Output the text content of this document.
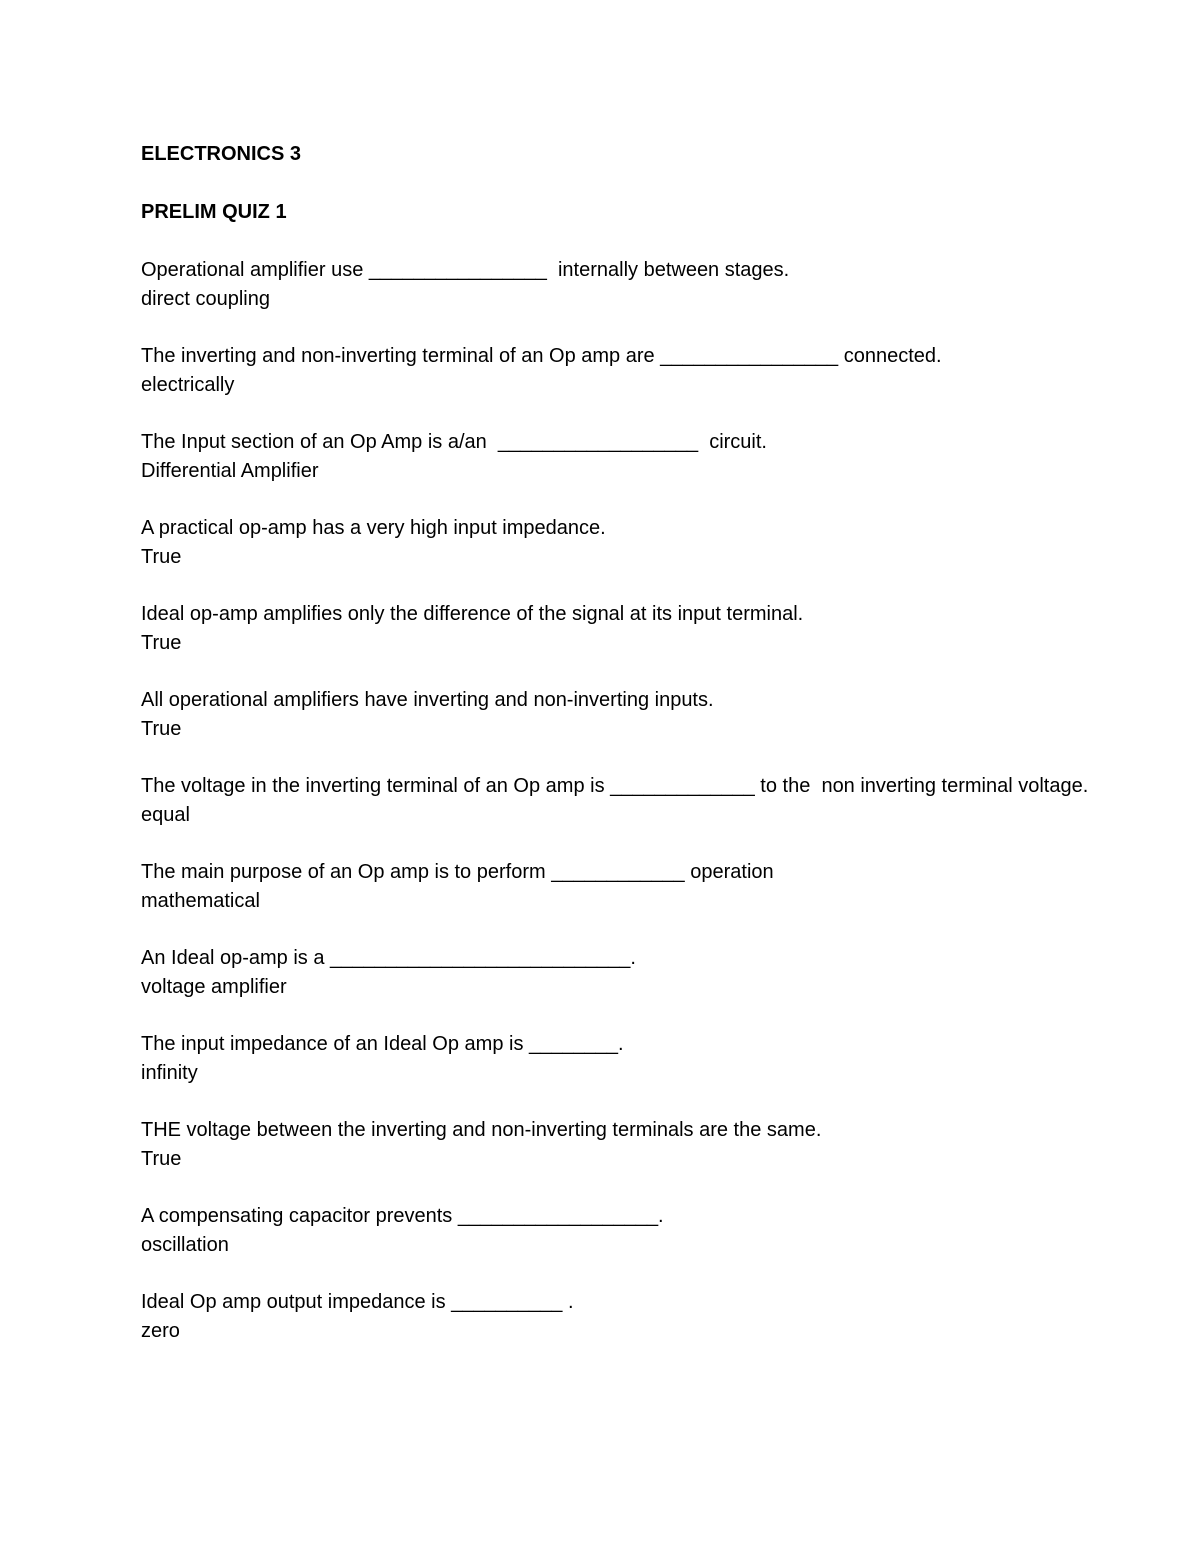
ELECTRONICS 3
PRELIM QUIZ 1
Operational amplifier use ________________  internally between stages.
direct coupling
The inverting and non-inverting terminal of an Op amp are ________________ connected.
electrically
The Input section of an Op Amp is a/an  __________________  circuit.
Differential Amplifier
A practical op-amp has a very high input impedance.
True
Ideal op-amp amplifies only the difference of the signal at its input terminal.
True
All operational amplifiers have inverting and non-inverting inputs.
True
The voltage in the inverting terminal of an Op amp is _____________ to the  non inverting terminal voltage.
equal
The main purpose of an Op amp is to perform ____________ operation
mathematical
An Ideal op-amp is a ___________________________.
voltage amplifier
The input impedance of an Ideal Op amp is ________.
infinity
THE voltage between the inverting and non-inverting terminals are the same.
True
A compensating capacitor prevents __________________.
oscillation
Ideal Op amp output impedance is __________ .
zero
